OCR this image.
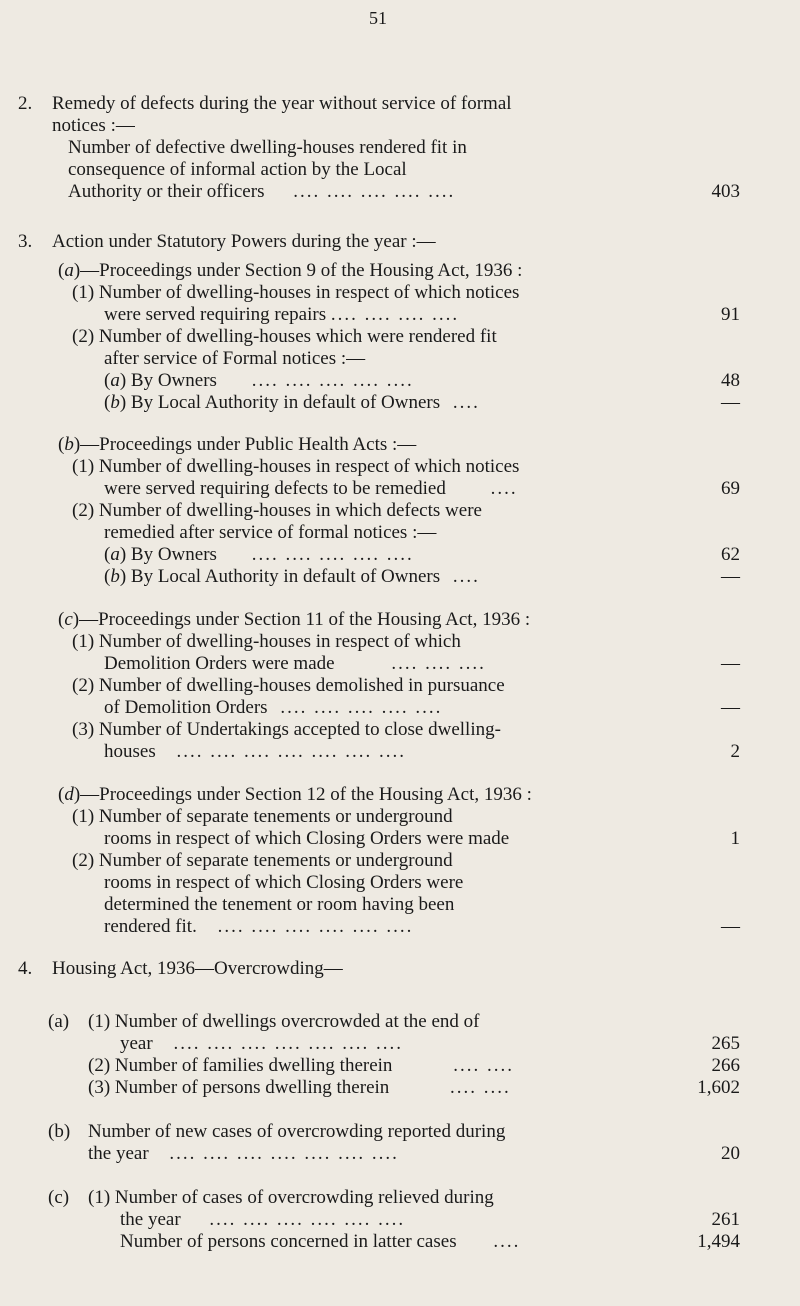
51
2. Remedy of defects during the year without service of formal
notices :—
Number of defective dwelling-houses rendered fit in
consequence of informal action by the Local
Authority or their officers .... .... .... .... ....	403
3. Action under Statutory Powers during the year :—
(a)—Proceedings under Section 9 of the Housing Act, 1936 :
(1) Number of dwelling-houses in respect of which notices
were served requiring repairs .... .... .... ....	91
(2) Number of dwelling-houses which were rendered fit
after service of Formal notices :—
(a) By Owners .... .... .... .... ....	48
(b) By Local Authority in default of Owners ....	—
(b)—Proceedings under Public Health Acts :—
(1) Number of dwelling-houses in respect of which notices
were served requiring defects to be remedied ....	69
(2) Number of dwelling-houses in which defects were
remedied after service of formal notices :—
(a) By Owners .... .... .... .... ....	62
(b) By Local Authority in default of Owners ....	—
(c)—Proceedings under Section 11 of the Housing Act, 1936 :
(1) Number of dwelling-houses in respect of which
Demolition Orders were made	.... .... ....	—
(2) Number of dwelling-houses demolished in pursuance
of Demolition Orders .... .... .... .... ....	—
(3) Number of Undertakings accepted to close dwelling-
houses .... .... .... .... .... .... ....	2
(d)—Proceedings under Section 12 of the Housing Act, 1936 :
(1) Number of separate tenements or underground
rooms in respect of which Closing Orders were made	1
(2) Number of separate tenements or underground
rooms in respect of which Closing Orders were
determined the tenement or room having been
rendered fit. .... .... .... .... .... ....	—
4. Housing Act, 1936—Overcrowding—
(a) (1) Number of dwellings overcrowded at the end of
year .... .... .... .... .... .... ....	265
(2) Number of families dwelling therein	.... ....	266
(3) Number of persons dwelling therein	.... ....	1,602
(b) Number of new cases of overcrowding reported during
the year .... .... .... .... .... .... ....	20
(c) (1) Number of cases of overcrowding relieved during
the year .... .... .... .... .... ....	261
Number of persons concerned in latter cases ....	1,494
